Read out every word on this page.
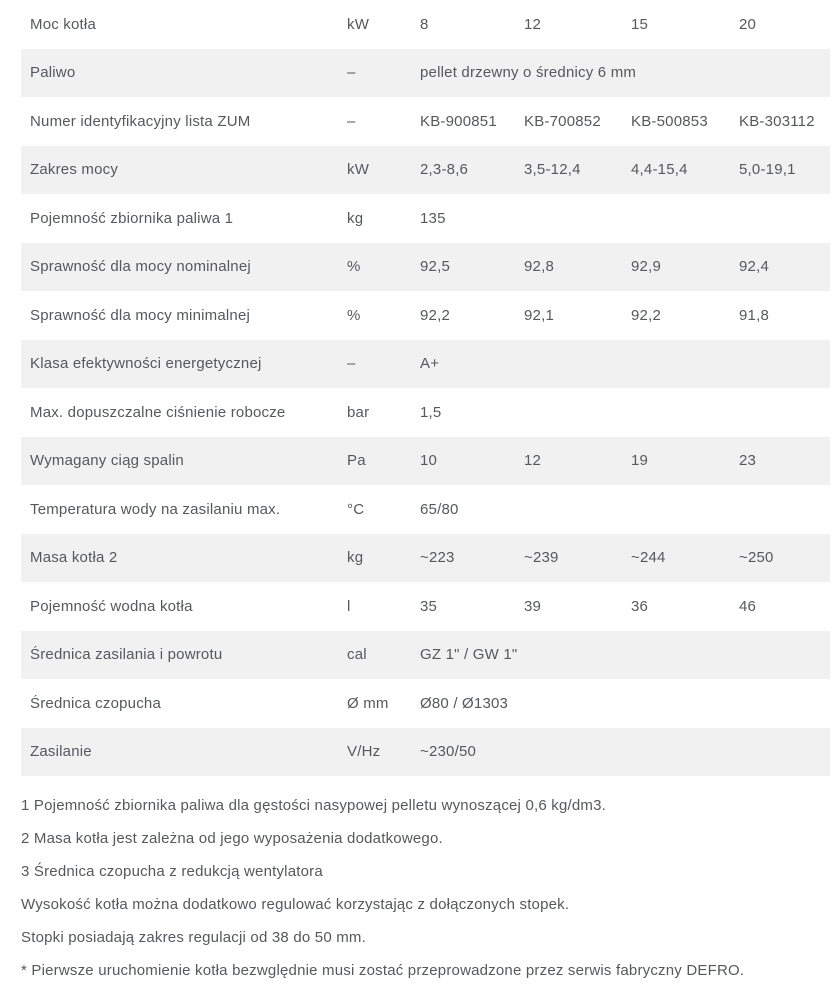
Moc kotła	kW	8	12	15	20
Paliwo	–	pellet drzewny o średnicy 6 mm
Numer identyfikacyjny lista ZUM	–	KB-900851	KB-700852	KB-500853	KB-303112
Zakres mocy	kW	2,3-8,6	3,5-12,4	4,4-15,4	5,0-19,1
Pojemność zbiornika paliwa 1	kg	135
Sprawność dla mocy nominalnej	%	92,5	92,8	92,9	92,4
Sprawność dla mocy minimalnej	%	92,2	92,1	92,2	91,8
Klasa efektywności energetycznej	–	A+
Max. dopuszczalne ciśnienie robocze	bar	1,5
Wymagany ciąg spalin	Pa	10	12	19	23
Temperatura wody na zasilaniu max.	°C	65/80
Masa kotła 2	kg	~223	~239	~244	~250
Pojemność wodna kotła	l	35	39	36	46
Średnica zasilania i powrotu	cal	GZ 1" / GW 1"
Średnica czopucha	Ø mm	Ø80 / Ø1303
Zasilanie	V/Hz	~230/50

1 Pojemność zbiornika paliwa dla gęstości nasypowej pelletu wynoszącej 0,6 kg/dm3.

2 Masa kotła jest zależna od jego wyposażenia dodatkowego.

3 Średnica czopucha z redukcją wentylatora

Wysokość kotła można dodatkowo regulować korzystając z dołączonych stopek.

Stopki posiadają zakres regulacji od 38 do 50 mm.

* Pierwsze uruchomienie kotła bezwględnie musi zostać przeprowadzone przez serwis fabryczny DEFRO.
